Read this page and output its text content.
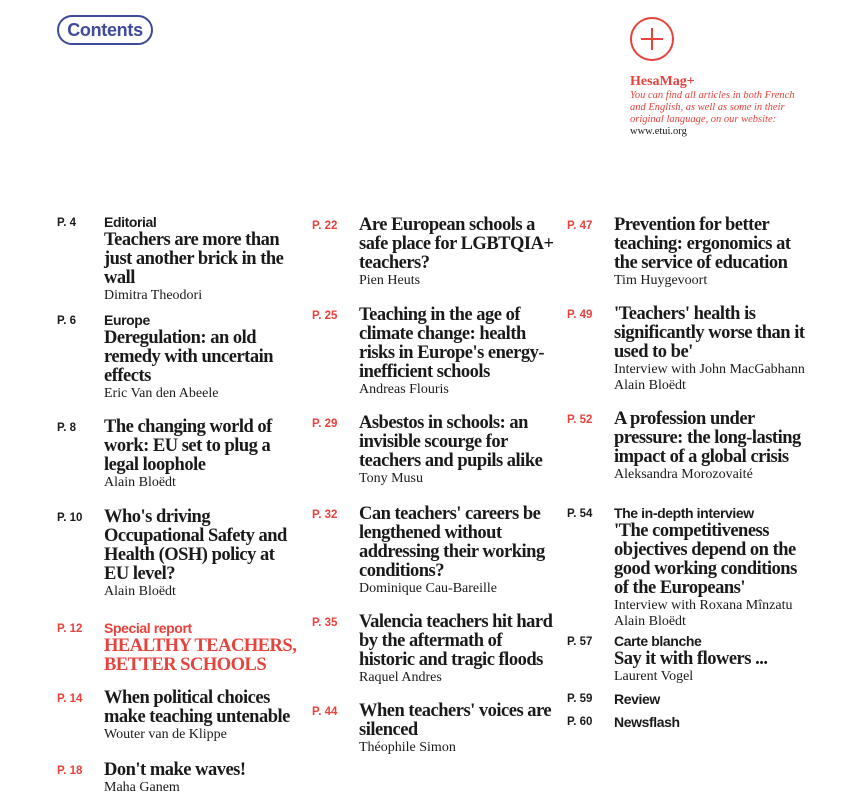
Contents
HesaMag+
You can find all articles in both French and English, as well as some in their original language, on our website: www.etui.org
P. 4 Editorial
Teachers are more than just another brick in the wall
Dimitra Theodori
P. 6 Europe
Deregulation: an old remedy with uncertain effects
Eric Van den Abeele
P. 8 The changing world of work: EU set to plug a legal loophole
Alain Bloëdt
P. 10 Who's driving Occupational Safety and Health (OSH) policy at EU level?
Alain Bloëdt
P. 12 Special report
HEALTHY TEACHERS, BETTER SCHOOLS
P. 14 When political choices make teaching untenable
Wouter van de Klippe
P. 18 Don't make waves!
Maha Ganem
P. 22 Are European schools a safe place for LGBTQIA+ teachers?
Pien Heuts
P. 25 Teaching in the age of climate change: health risks in Europe's energy-inefficient schools
Andreas Flouris
P. 29 Asbestos in schools: an invisible scourge for teachers and pupils alike
Tony Musu
P. 32 Can teachers' careers be lengthened without addressing their working conditions?
Dominique Cau-Bareille
P. 35 Valencia teachers hit hard by the aftermath of historic and tragic floods
Raquel Andres
P. 44 When teachers' voices are silenced
Théophile Simon
P. 47 Prevention for better teaching: ergonomics at the service of education
Tim Huygevoort
P. 49 'Teachers' health is significantly worse than it used to be'
Interview with John MacGabhann
Alain Bloëdt
P. 52 A profession under pressure: the long-lasting impact of a global crisis
Aleksandra Morozovaité
P. 54 The in-depth interview
'The competitiveness objectives depend on the good working conditions of the Europeans'
Interview with Roxana Mînzatu
Alain Bloëdt
P. 57 Carte blanche
Say it with flowers ...
Laurent Vogel
P. 59 Review
P. 60 Newsflash
